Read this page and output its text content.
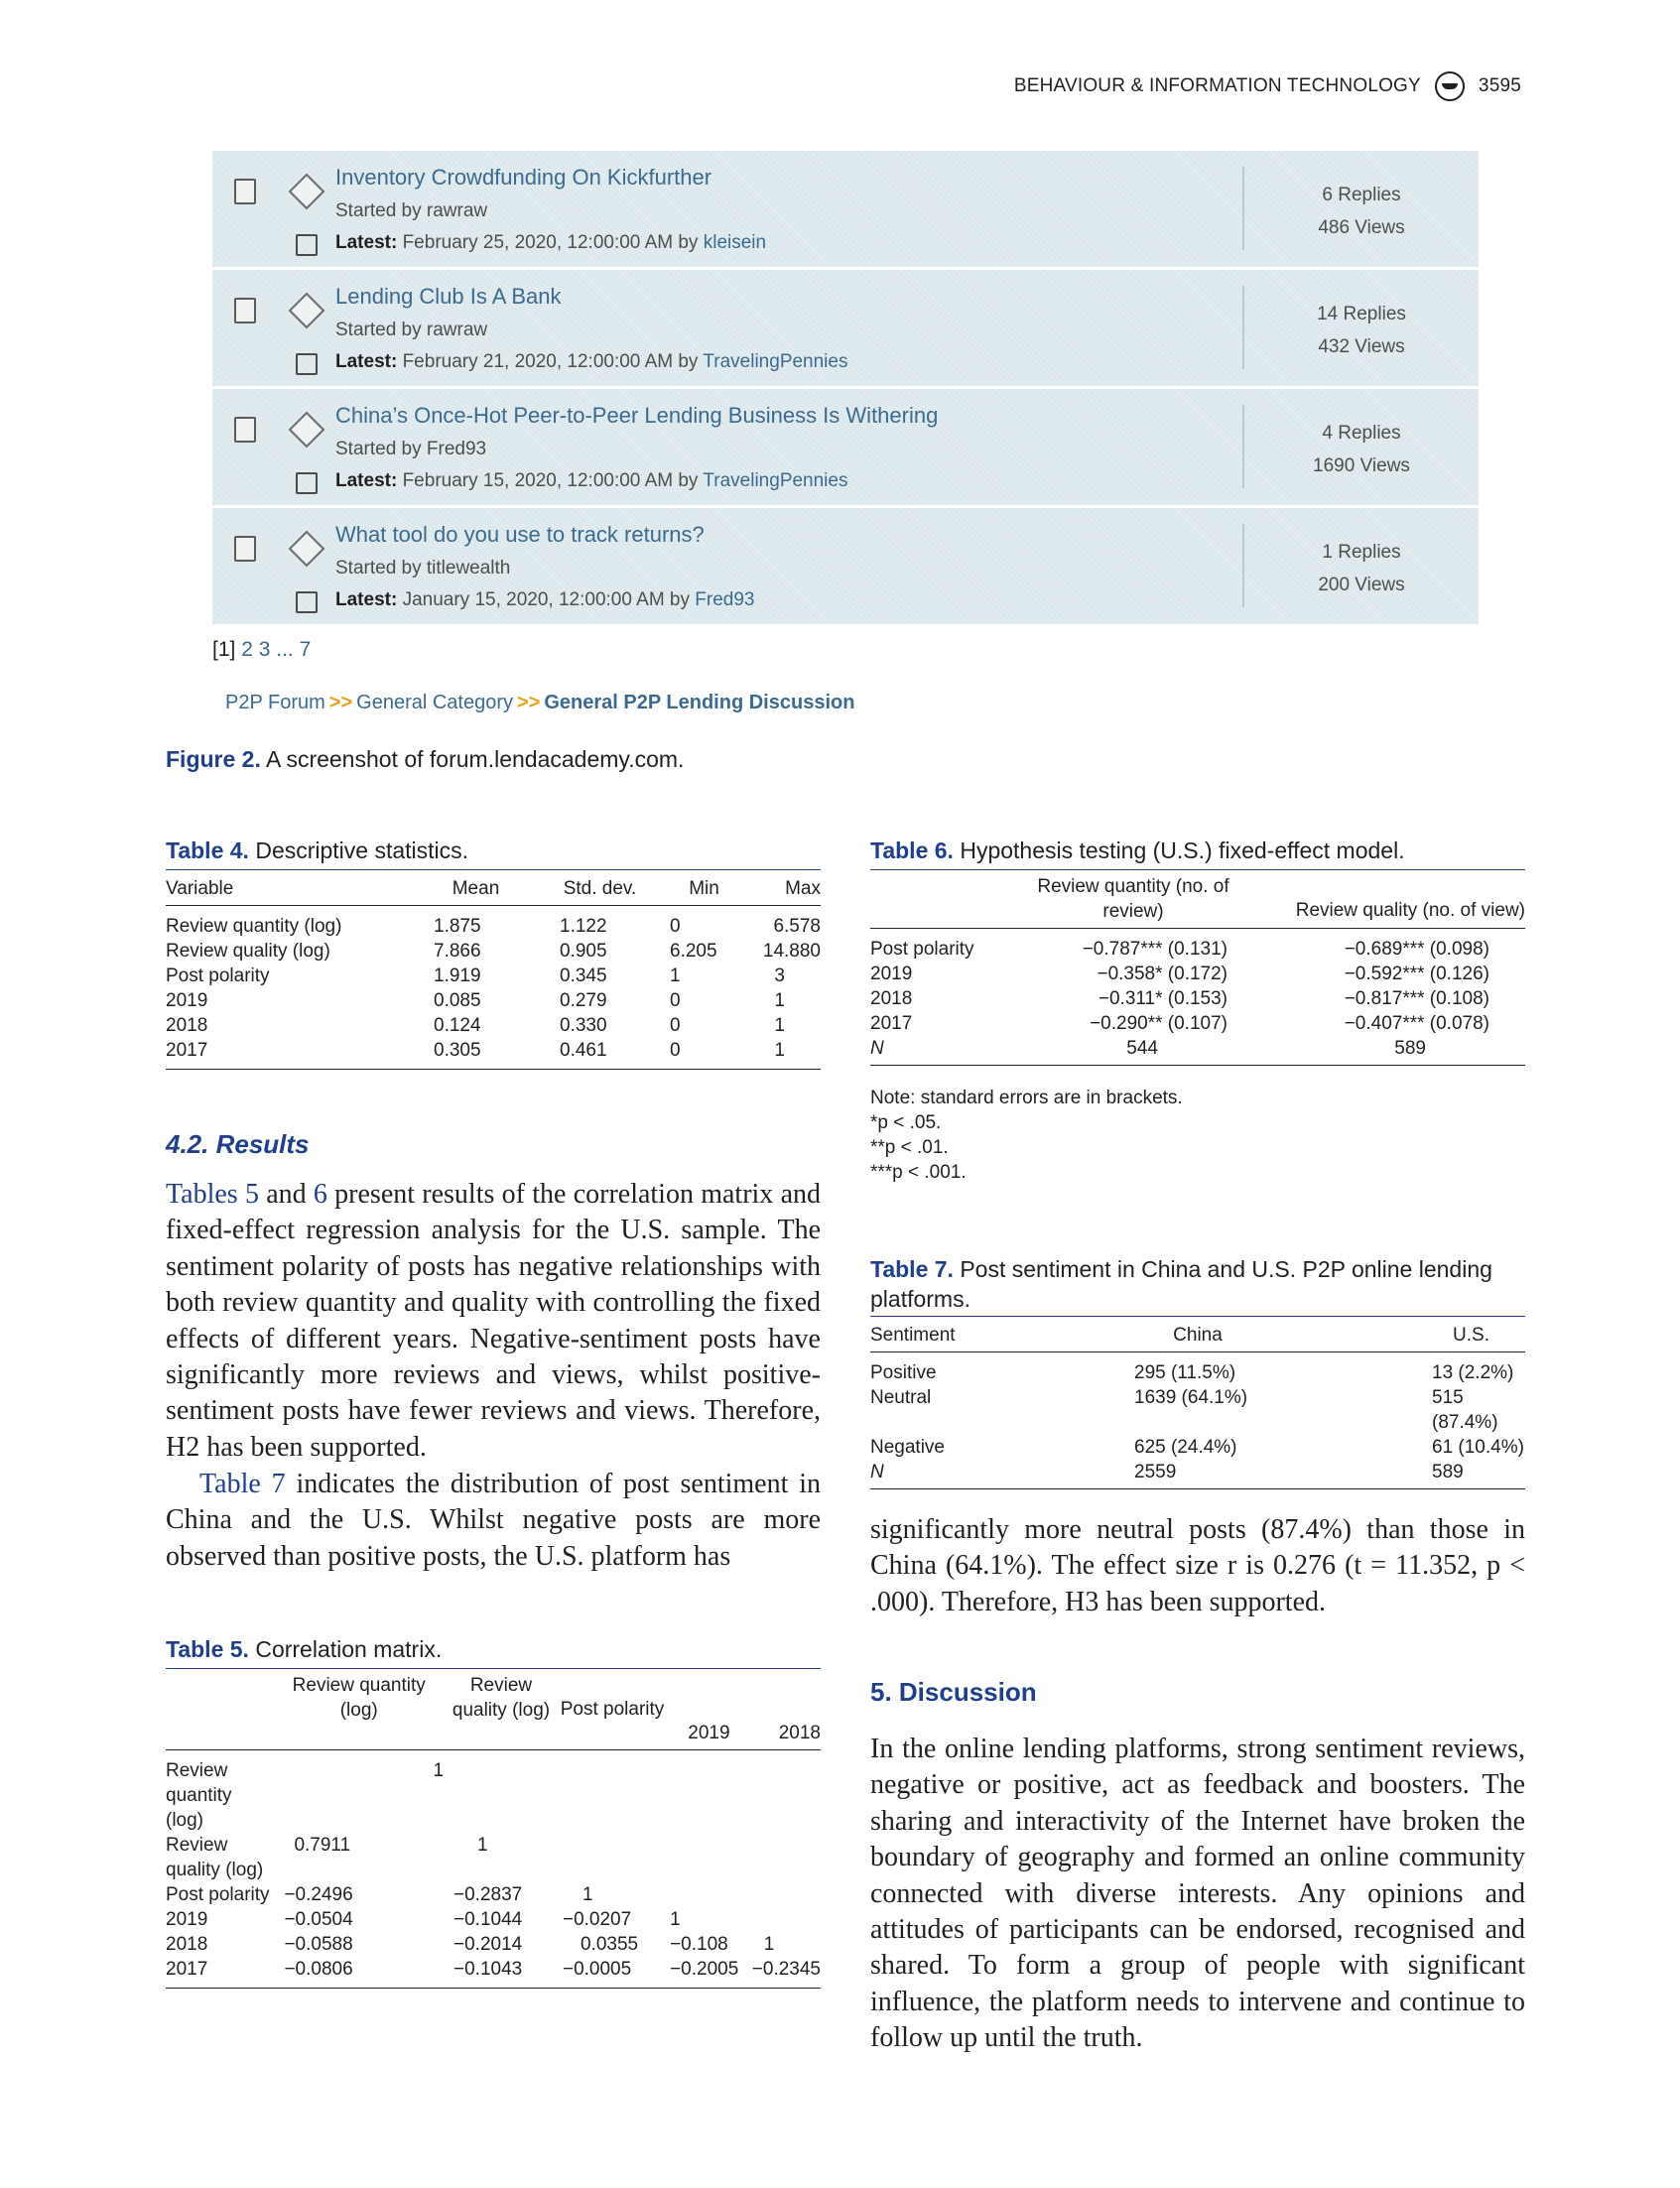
BEHAVIOUR & INFORMATION TECHNOLOGY	3595
Inventory Crowdfunding On Kickfurther
Started by rawraw
Latest: February 25, 2020, 12:00:00 AM by kleisein
6 Replies
486 Views
Lending Club Is A Bank
Started by rawraw
Latest: February 21, 2020, 12:00:00 AM by TravelingPennies
14 Replies
432 Views
China’s Once-Hot Peer-to-Peer Lending Business Is Withering
Started by Fred93
Latest: February 15, 2020, 12:00:00 AM by TravelingPennies
4 Replies
1690 Views
What tool do you use to track returns?
Started by titlewealth
Latest: January 15, 2020, 12:00:00 AM by Fred93
1 Replies
200 Views
[1] 2 3 ... 7
P2P Forum >> General Category >> General P2P Lending Discussion
Figure 2. A screenshot of forum.lendacademy.com.
Table 4. Descriptive statistics.
Variable	Mean	Std. dev.	Min	Max
Review quantity (log)	1.875	1.122	0	6.578
Review quality (log)	7.866	0.905	6.205	14.880
Post polarity	1.919	0.345	1	3
2019	0.085	0.279	0	1
2018	0.124	0.330	0	1
2017	0.305	0.461	0	1
4.2. Results
Tables 5 and 6 present results of the correlation matrix and fixed-effect regression analysis for the U.S. sample. The sentiment polarity of posts has negative relationships with both review quantity and quality with controlling the fixed effects of different years. Negative-sentiment posts have significantly more reviews and views, whilst positive-sentiment posts have fewer reviews and views. Therefore, H2 has been supported.
Table 7 indicates the distribution of post sentiment in China and the U.S. Whilst negative posts are more observed than positive posts, the U.S. platform has
Table 5. Correlation matrix.
	Review quantity (log)	Review quality (log)	Post polarity	2019	2018
Review quantity (log)	1				
Review quality (log)	0.7911	1			
Post polarity	−0.2496	−0.2837	1		
2019	−0.0504	−0.1044	−0.0207	1	
2018	−0.0588	−0.2014	0.0355	−0.108	1
2017	−0.0806	−0.1043	−0.0005	−0.2005	−0.2345
Table 6. Hypothesis testing (U.S.) fixed-effect model.
	Review quantity (no. of review)	Review quality (no. of view)
Post polarity	−0.787*** (0.131)	−0.689*** (0.098)
2019	−0.358* (0.172)	−0.592*** (0.126)
2018	−0.311* (0.153)	−0.817*** (0.108)
2017	−0.290** (0.107)	−0.407*** (0.078)
N	544	589
Note: standard errors are in brackets.
*p < .05.
**p < .01.
***p < .001.
Table 7. Post sentiment in China and U.S. P2P online lending platforms.
Sentiment	China	U.S.
Positive	295 (11.5%)	13 (2.2%)
Neutral	1639 (64.1%)	515 (87.4%)
Negative	625 (24.4%)	61 (10.4%)
N	2559	589
significantly more neutral posts (87.4%) than those in China (64.1%). The effect size r is 0.276 (t = 11.352, p < .000). Therefore, H3 has been supported.
5. Discussion
In the online lending platforms, strong sentiment reviews, negative or positive, act as feedback and boosters. The sharing and interactivity of the Internet have broken the boundary of geography and formed an online community connected with diverse interests. Any opinions and attitudes of participants can be endorsed, recognised and shared. To form a group of people with significant influence, the platform needs to intervene and continue to follow up until the truth.
